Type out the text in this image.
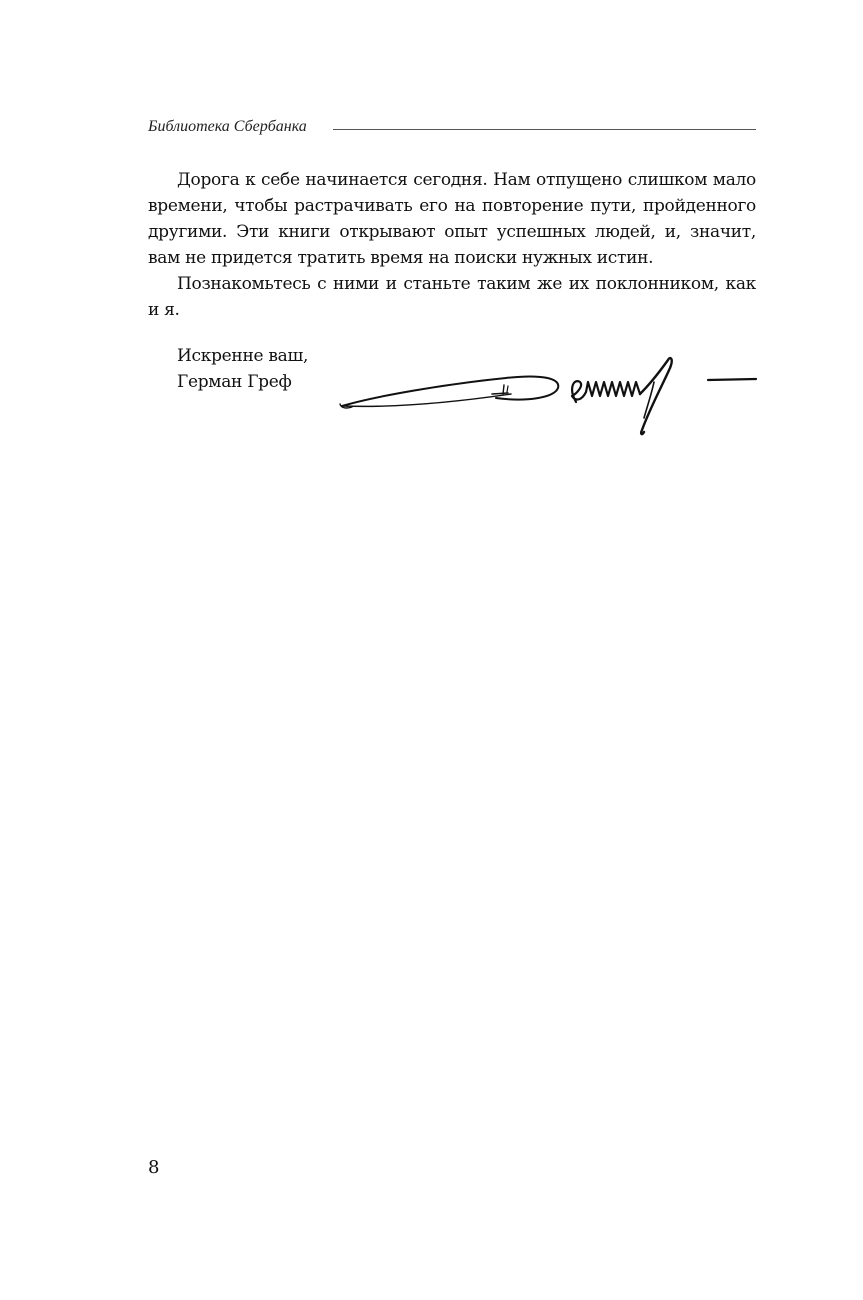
Библиотека Сбербанка

Дорога к себе начинается сегодня. Нам отпущено слишком мало времени, чтобы растрачивать его на повторение пути, пройденного другими. Эти книги открывают опыт успешных людей, и, значит, вам не придется тратить время на поиски нужных истин.

Познакомьтесь с ними и станьте таким же их поклонником, как и я.

Искренне ваш,
Герман Греф
8
